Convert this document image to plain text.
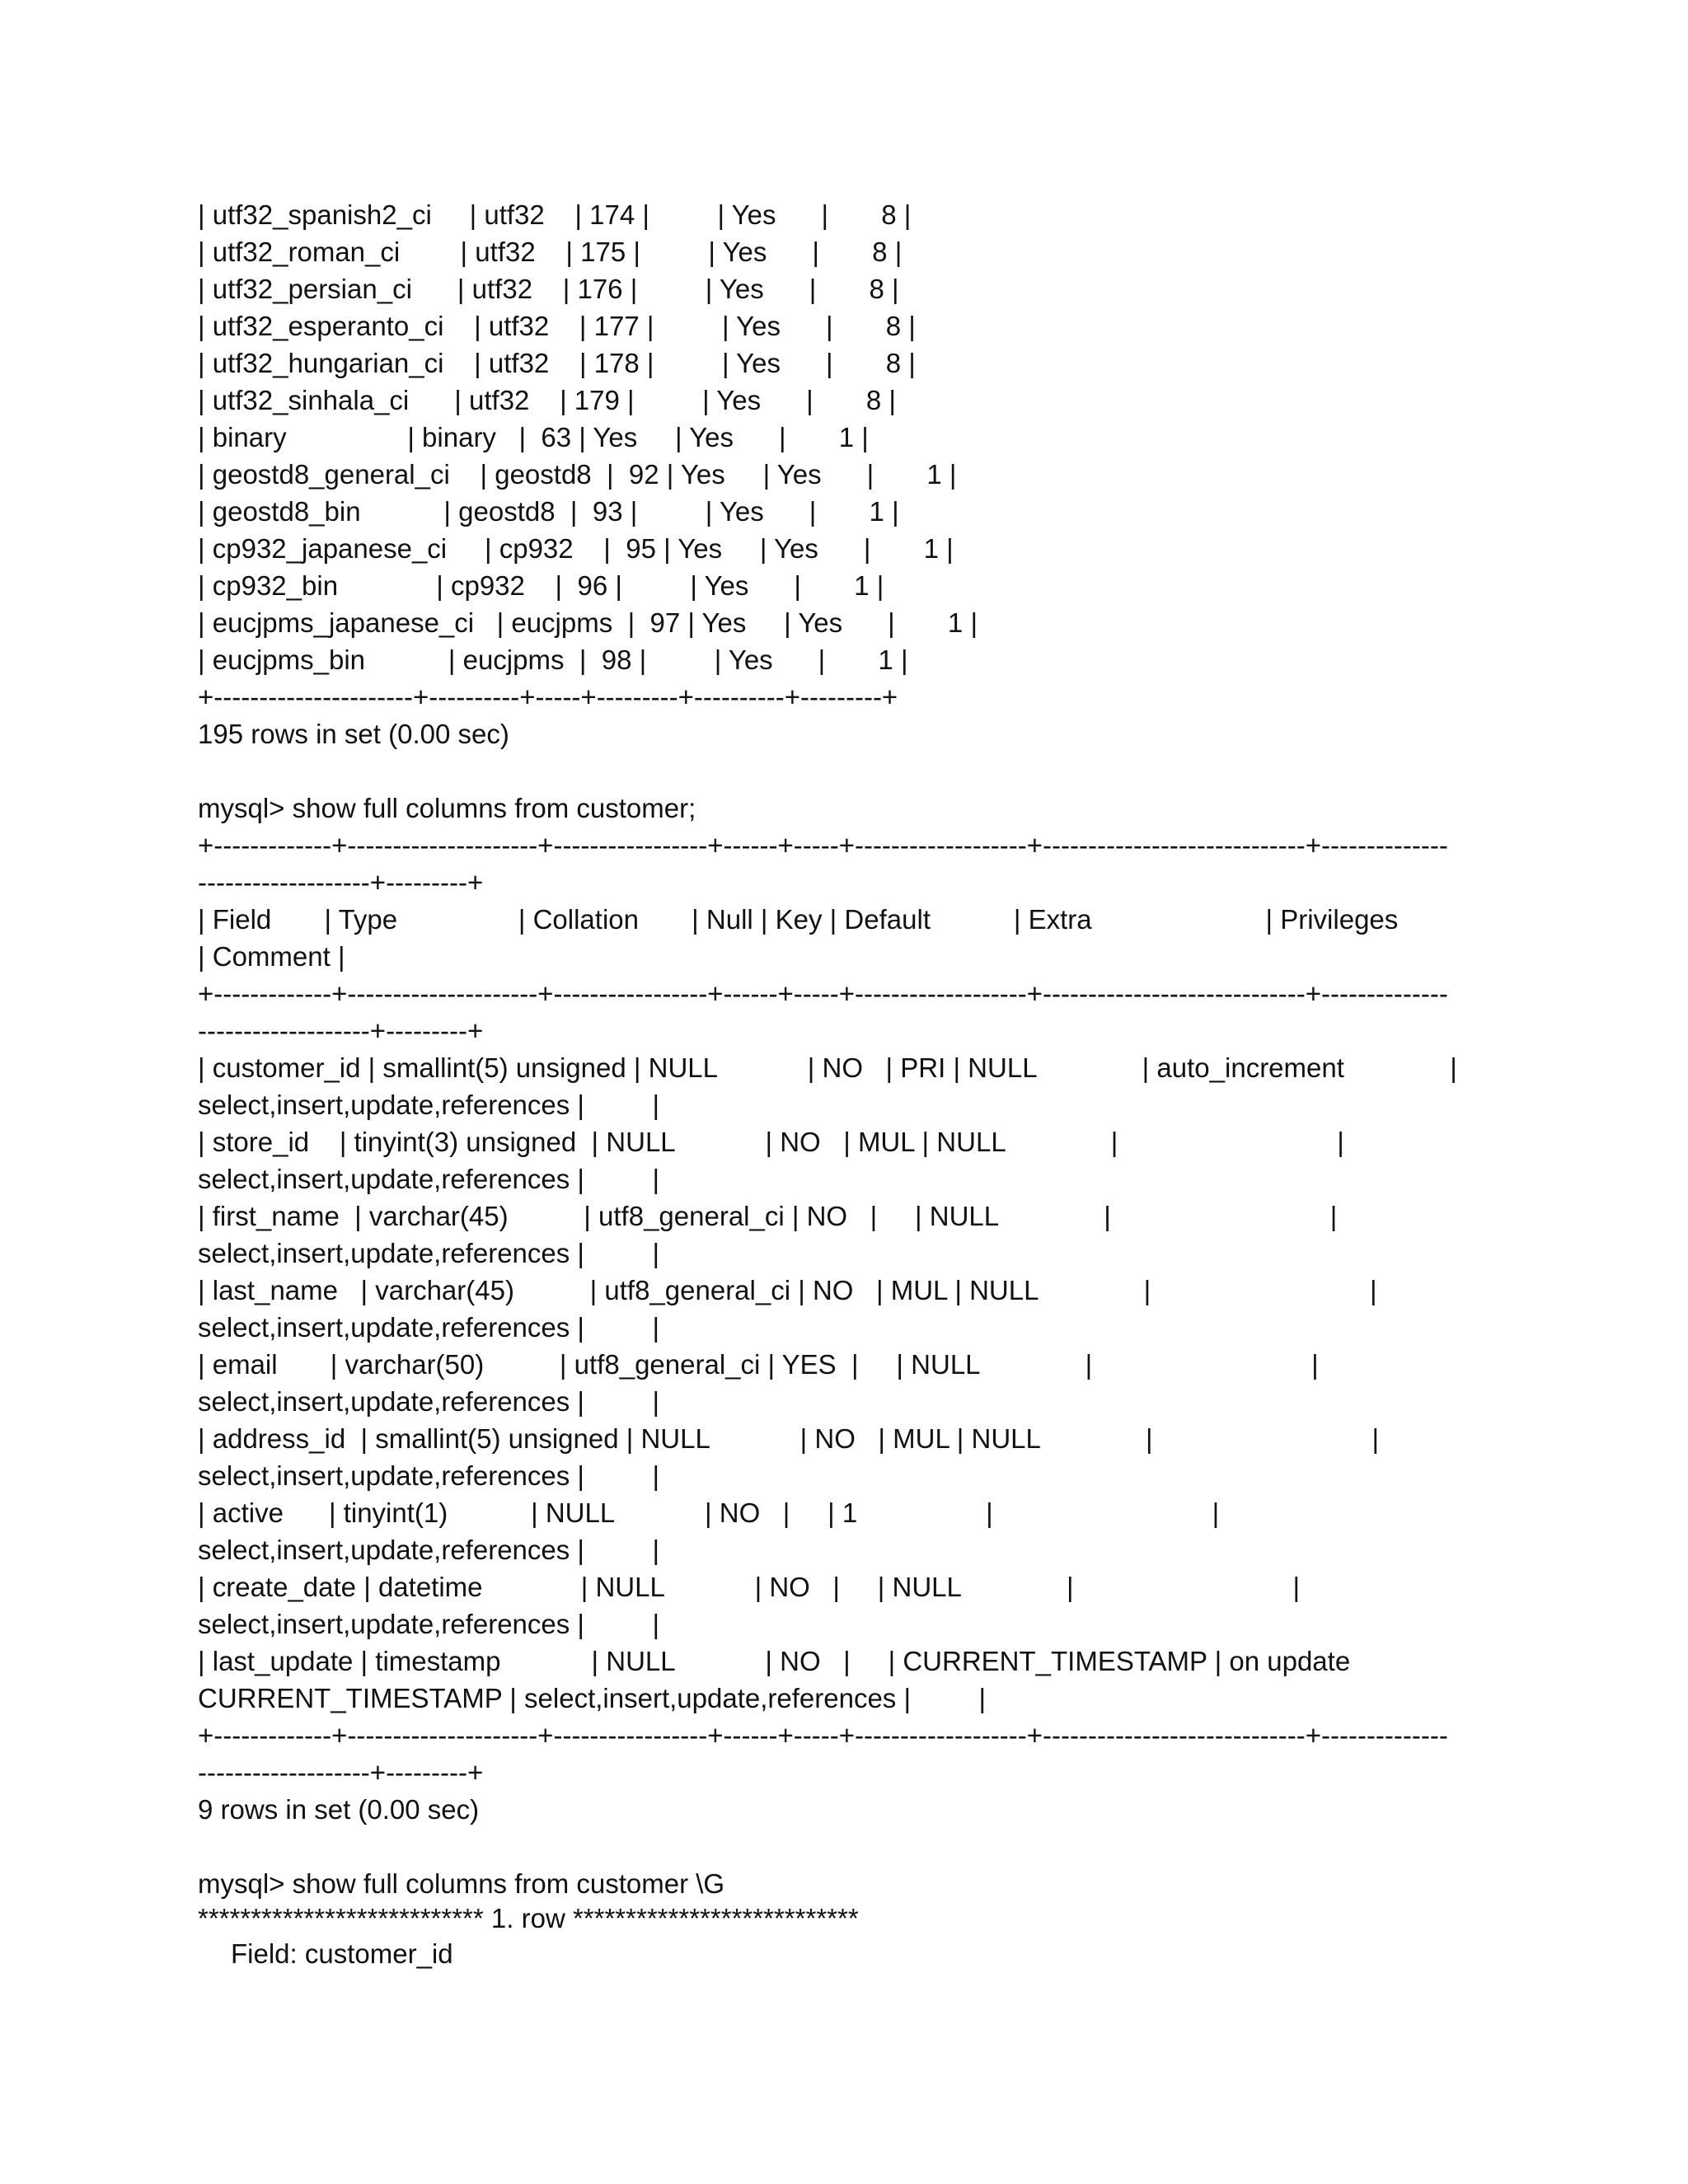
| utf32_spanish2_ci     | utf32    | 174 |         | Yes      |       8 |
| utf32_roman_ci        | utf32    | 175 |         | Yes      |       8 |
| utf32_persian_ci      | utf32    | 176 |         | Yes      |       8 |
| utf32_esperanto_ci    | utf32    | 177 |         | Yes      |       8 |
| utf32_hungarian_ci    | utf32    | 178 |         | Yes      |       8 |
| utf32_sinhala_ci      | utf32    | 179 |         | Yes      |       8 |
| binary                | binary   |  63 | Yes     | Yes      |       1 |
| geostd8_general_ci    | geostd8  |  92 | Yes     | Yes      |       1 |
| geostd8_bin           | geostd8  |  93 |         | Yes      |       1 |
| cp932_japanese_ci     | cp932    |  95 | Yes     | Yes      |       1 |
| cp932_bin             | cp932    |  96 |         | Yes      |       1 |
| eucjpms_japanese_ci   | eucjpms  |  97 | Yes     | Yes      |       1 |
| eucjpms_bin           | eucjpms  |  98 |         | Yes      |       1 |
+----------------------+----------+-----+---------+----------+---------+
195 rows in set (0.00 sec)
mysql> show full columns from customer;
+-------------+---------------------+-----------------+------+-----+-------------------+-----------------------------+--------------
-------------------+---------+
| Field       | Type                | Collation       | Null | Key | Default           | Extra                       | Privileges
| Comment |
+-------------+---------------------+-----------------+------+-----+-------------------+-----------------------------+--------------
-------------------+---------+
| customer_id | smallint(5) unsigned | NULL            | NO   | PRI | NULL              | auto_increment              |
select,insert,update,references |         |
| store_id    | tinyint(3) unsigned  | NULL            | NO   | MUL | NULL              |                             |
select,insert,update,references |         |
| first_name  | varchar(45)          | utf8_general_ci | NO   |     | NULL              |                             |
select,insert,update,references |         |
| last_name   | varchar(45)          | utf8_general_ci | NO   | MUL | NULL              |                             |
select,insert,update,references |         |
| email       | varchar(50)          | utf8_general_ci | YES  |     | NULL              |                             |
select,insert,update,references |         |
| address_id  | smallint(5) unsigned | NULL            | NO   | MUL | NULL              |                             |
select,insert,update,references |         |
| active      | tinyint(1)           | NULL            | NO   |     | 1                 |                             |
select,insert,update,references |         |
| create_date | datetime             | NULL            | NO   |     | NULL              |                             |
select,insert,update,references |         |
| last_update | timestamp            | NULL            | NO   |     | CURRENT_TIMESTAMP | on update
CURRENT_TIMESTAMP | select,insert,update,references |         |
+-------------+---------------------+-----------------+------+-----+-------------------+-----------------------------+--------------
-------------------+---------+
9 rows in set (0.00 sec)
mysql> show full columns from customer \G
*************************** 1. row ***************************
Field: customer_id
